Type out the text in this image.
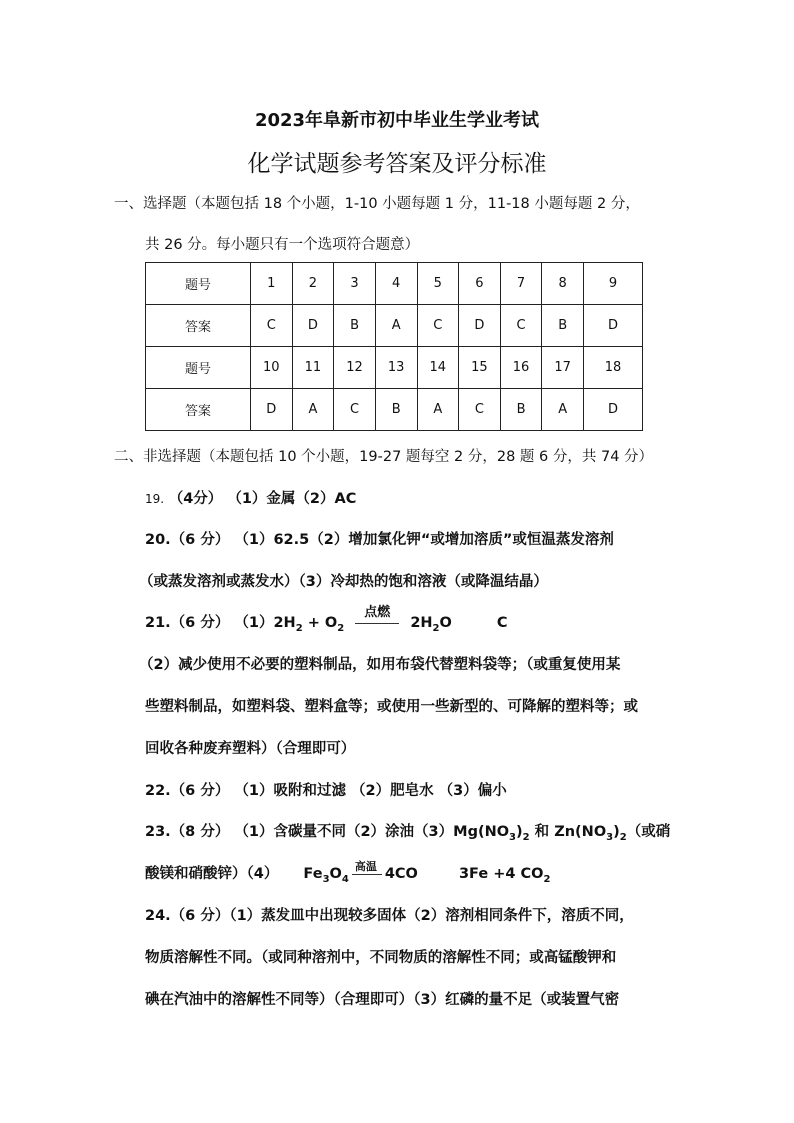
2023年阜新市初中毕业生学业考试
化学试题参考答案及评分标准
一、选择题（本题包括 18 个小题，1-10 小题每题 1 分，11-18 小题每题 2 分，
共 26 分。每小题只有一个选项符合题意）
题号	1	2	3	4	5	6	7	8	9
答案	C	D	B	A	C	D	C	B	D
题号	10	11	12	13	14	15	16	17	18
答案	D	A	C	B	A	C	B	A	D
二、非选择题（本题包括 10 个小题，19-27 题每空 2 分，28 题 6 分，共 74 分）
19. （4分） （1）金属（2）AC
20.（6 分） （1）62.5（2）增加氯化钾“或增加溶质”或恒温蒸发溶剂
（或蒸发溶剂或蒸发水）（3）冷却热的饱和溶液（或降温结晶）
21.（6 分） $(1)2H_2 + O_2$
点燃
$2H_2O$	C
（2）减少使用不必要的塑料制品，如用布袋代替塑料袋等；（或重复使用某
些塑料制品，如塑料袋、塑料盒等；或使用一些新型的、可降解的塑料等；或
回收各种废弃塑料）（合理即可）
22.（6 分） （1）吸附和过滤 （2）肥皂水 （3）偏小
23.（8 分） （1）含碳量不同（2）涂油$(3)Mg(NO_3)_2$ 和 $Zn(NO_3)_2$（或硝
酸镁和硝酸锌）（4） $Fe_3O_4$
高温 4CO 3Fe +4 $CO_2$
24.（6 分）（1）蒸发皿中出现较多固体（2）溶剂相同条件下，溶质不同，
物质溶解性不同。（或同种溶剂中，不同物质的溶解性不同；或高锰酸钾和
碘在汽油中的溶解性不同等）（合理即可）（3）红磷的量不足（或装置气密
